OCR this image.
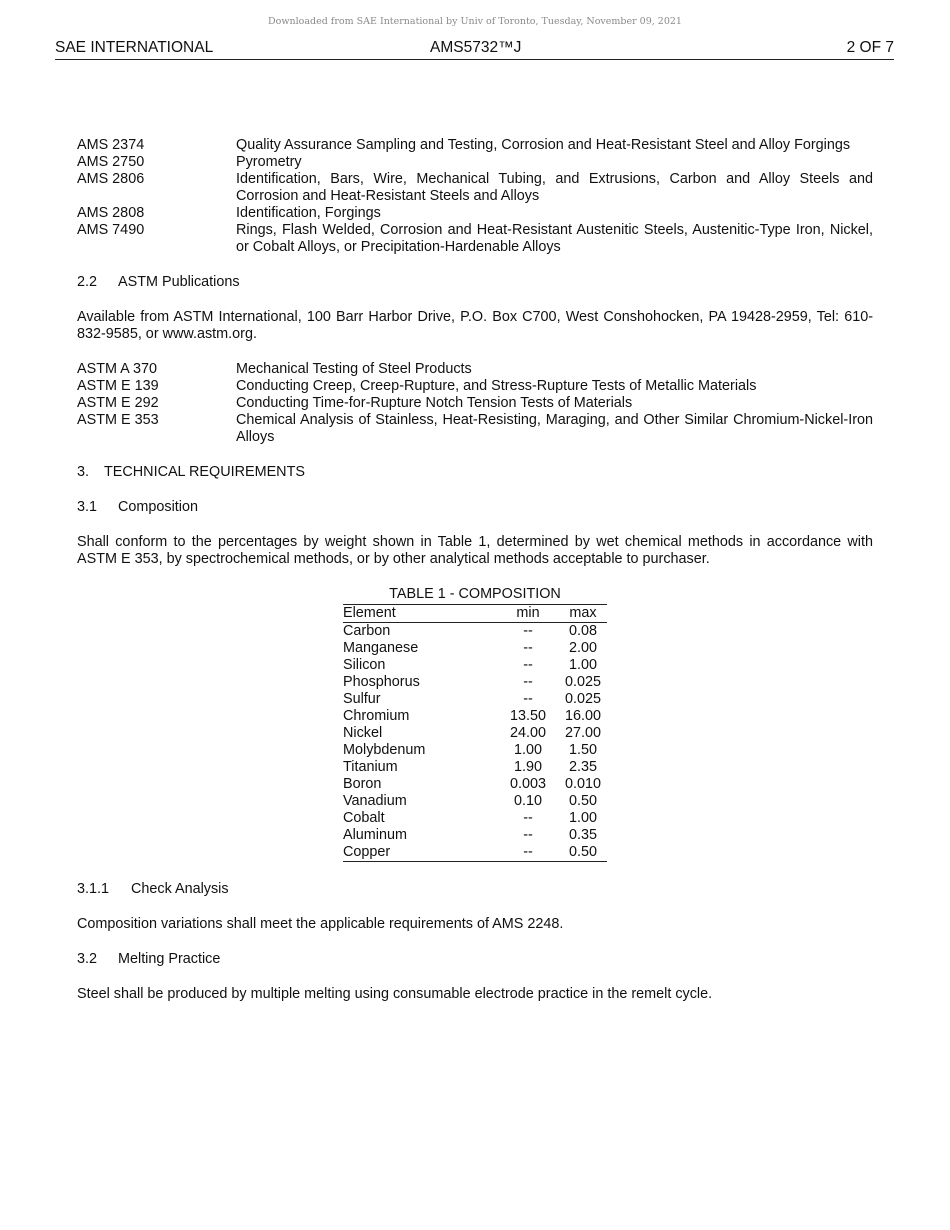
Downloaded from SAE International by Univ of Toronto, Tuesday, November 09, 2021
SAE INTERNATIONAL	AMS5732™J	2 OF 7
AMS 2374	Quality Assurance Sampling and Testing, Corrosion and Heat-Resistant Steel and Alloy Forgings
AMS 2750	Pyrometry
AMS 2806	Identification, Bars, Wire, Mechanical Tubing, and Extrusions, Carbon and Alloy Steels and Corrosion and Heat-Resistant Steels and Alloys
AMS 2808	Identification, Forgings
AMS 7490	Rings, Flash Welded, Corrosion and Heat-Resistant Austenitic Steels, Austenitic-Type Iron, Nickel, or Cobalt Alloys, or Precipitation-Hardenable Alloys
2.2	ASTM Publications

Available from ASTM International, 100 Barr Harbor Drive, P.O. Box C700, West Conshohocken, PA 19428-2959, Tel: 610-832-9585, or www.astm.org.

ASTM A 370	Mechanical Testing of Steel Products
ASTM E 139	Conducting Creep, Creep-Rupture, and Stress-Rupture Tests of Metallic Materials
ASTM E 292	Conducting Time-for-Rupture Notch Tension Tests of Materials
ASTM E 353	Chemical Analysis of Stainless, Heat-Resisting, Maraging, and Other Similar Chromium-Nickel-Iron Alloys
3.	TECHNICAL REQUIREMENTS
3.1	Composition

Shall conform to the percentages by weight shown in Table 1, determined by wet chemical methods in accordance with ASTM E 353, by spectrochemical methods, or by other analytical methods acceptable to purchaser.

TABLE 1 - COMPOSITION
Element	min	max
Carbon	--	0.08
Manganese	--	2.00
Silicon	--	1.00
Phosphorus	--	0.025
Sulfur	--	0.025
Chromium	13.50	16.00
Nickel	24.00	27.00
Molybdenum	1.00	1.50
Titanium	1.90	2.35
Boron	0.003	0.010
Vanadium	0.10	0.50
Cobalt	--	1.00
Aluminum	--	0.35
Copper	--	0.50
3.1.1	Check Analysis

Composition variations shall meet the applicable requirements of AMS 2248.

3.2	Melting Practice

Steel shall be produced by multiple melting using consumable electrode practice in the remelt cycle.
